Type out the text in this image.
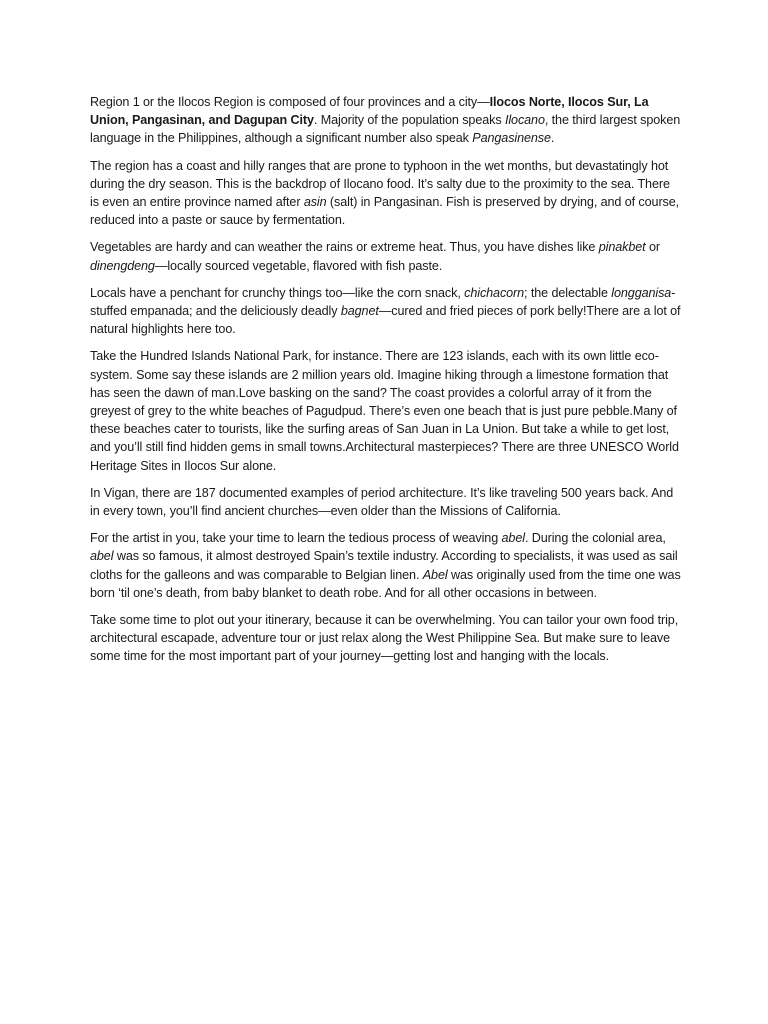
Region 1 or the Ilocos Region is composed of four provinces and a city—Ilocos Norte, Ilocos Sur, La Union, Pangasinan, and Dagupan City. Majority of the population speaks Ilocano, the third largest spoken language in the Philippines, although a significant number also speak Pangasinense.

The region has a coast and hilly ranges that are prone to typhoon in the wet months, but devastatingly hot during the dry season. This is the backdrop of Ilocano food. It’s salty due to the proximity to the sea. There is even an entire province named after asin (salt) in Pangasinan. Fish is preserved by drying, and of course, reduced into a paste or sauce by fermentation.

Vegetables are hardy and can weather the rains or extreme heat. Thus, you have dishes like pinakbet or dinengdeng—locally sourced vegetable, flavored with fish paste.

Locals have a penchant for crunchy things too—like the corn snack, chichacorn; the delectable longganisa-stuffed empanada; and the deliciously deadly bagnet—cured and fried pieces of pork belly!There are a lot of natural highlights here too.

Take the Hundred Islands National Park, for instance. There are 123 islands, each with its own little eco-system. Some say these islands are 2 million years old. Imagine hiking through a limestone formation that has seen the dawn of man.Love basking on the sand? The coast provides a colorful array of it from the greyest of grey to the white beaches of Pagudpud. There’s even one beach that is just pure pebble.Many of these beaches cater to tourists, like the surfing areas of San Juan in La Union. But take a while to get lost, and you’ll still find hidden gems in small towns.Architectural masterpieces? There are three UNESCO World Heritage Sites in Ilocos Sur alone.

In Vigan, there are 187 documented examples of period architecture. It’s like traveling 500 years back. And in every town, you’ll find ancient churches—even older than the Missions of California.

For the artist in you, take your time to learn the tedious process of weaving abel. During the colonial area, abel was so famous, it almost destroyed Spain’s textile industry. According to specialists, it was used as sail cloths for the galleons and was comparable to Belgian linen. Abel was originally used from the time one was born ‘til one’s death, from baby blanket to death robe. And for all other occasions in between.

Take some time to plot out your itinerary, because it can be overwhelming. You can tailor your own food trip, architectural escapade, adventure tour or just relax along the West Philippine Sea. But make sure to leave some time for the most important part of your journey—getting lost and hanging with the locals.
